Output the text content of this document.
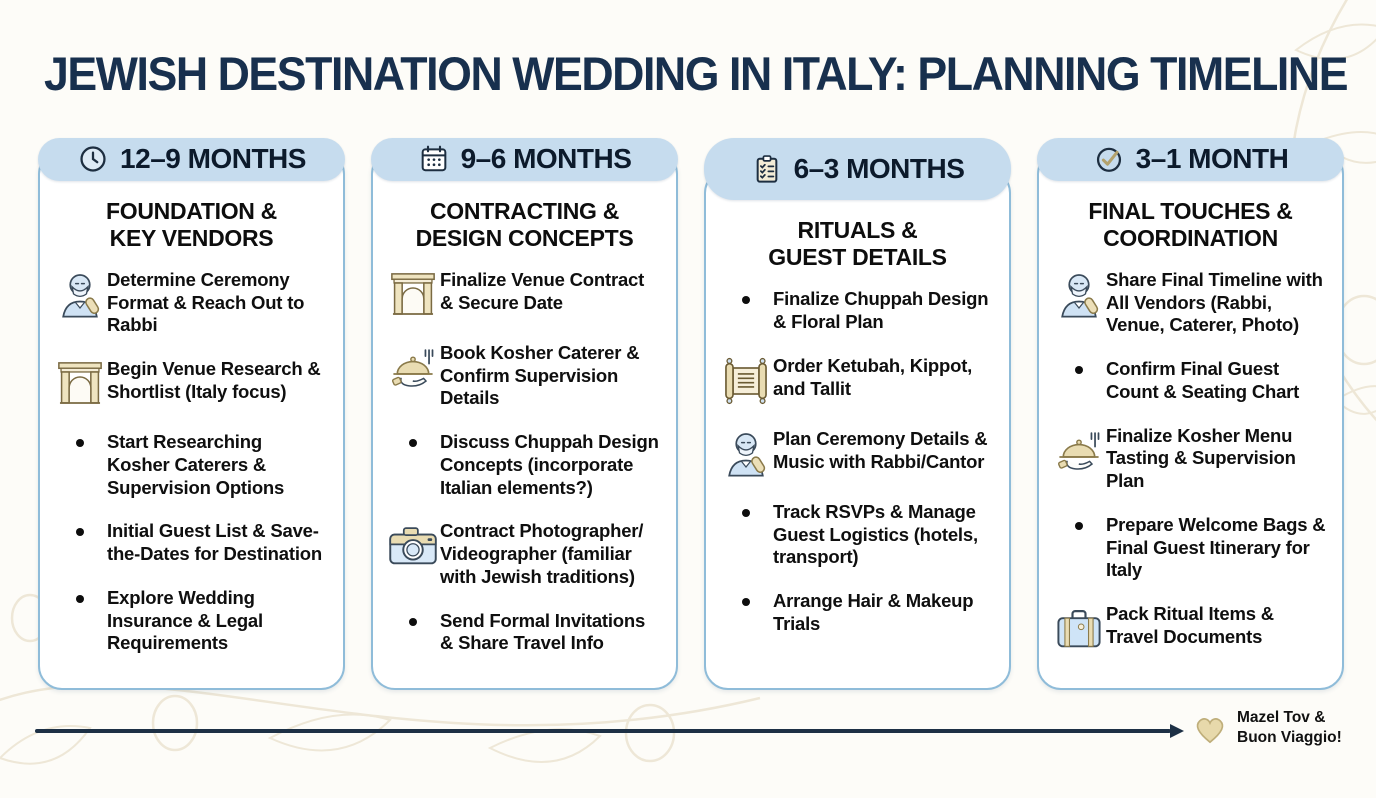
JEWISH DESTINATION WEDDING IN ITALY: PLANNING TIMELINE
12–9 MONTHS
FOUNDATION &
KEY VENDORS
Determine Ceremony Format & Reach Out to Rabbi
Begin Venue Research & Shortlist (Italy focus)
Start Researching Kosher Caterers & Supervision Options
Initial Guest List & Save-the-Dates for Destination
Explore Wedding Insurance & Legal Requirements
9–6 MONTHS
CONTRACTING &
DESIGN CONCEPTS
Finalize Venue Contract & Secure Date
Book Kosher Caterer & Confirm Supervision Details
Discuss Chuppah Design Concepts (incorporate Italian elements?)
Contract Photographer/ Videographer (familiar with Jewish traditions)
Send Formal Invitations & Share Travel Info
6–3 MONTHS
RITUALS &
GUEST DETAILS
Finalize Chuppah Design & Floral Plan
Order Ketubah, Kippot, and Tallit
Plan Ceremony Details & Music with Rabbi/Cantor
Track RSVPs & Manage Guest Logistics (hotels, transport)
Arrange Hair & Makeup Trials
3–1 MONTH
FINAL TOUCHES &
COORDINATION
Share Final Timeline with All Vendors (Rabbi, Venue, Caterer, Photo)
Confirm Final Guest Count & Seating Chart
Finalize Kosher Menu Tasting & Supervision Plan
Prepare Welcome Bags & Final Guest Itinerary for Italy
Pack Ritual Items & Travel Documents
Mazel Tov &
Buon Viaggio!
